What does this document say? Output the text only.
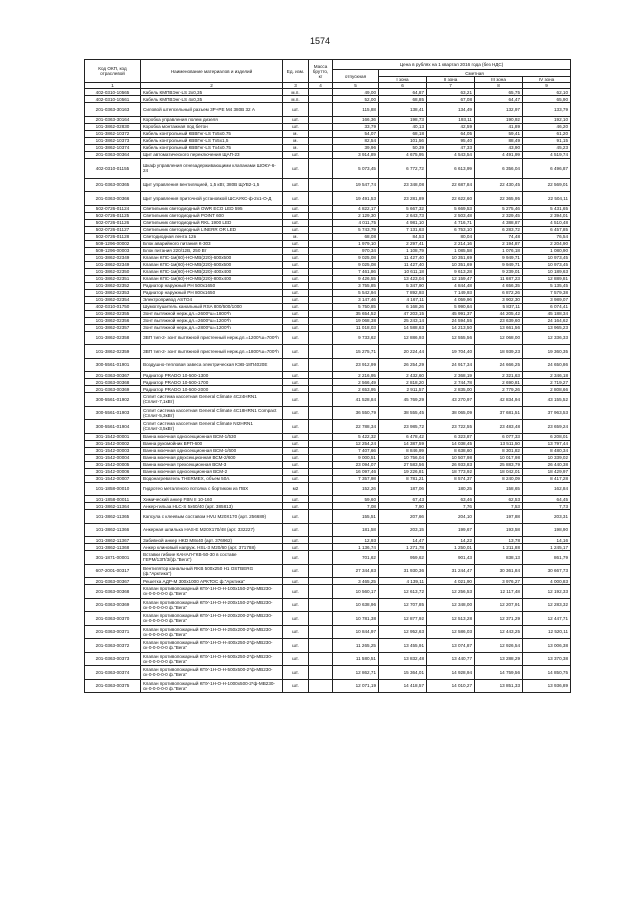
1574
Код ОКП, код отраслевой	Наименование материалов и изделий	Ед. изм.	Масса брутто, кг	Цена в рублях на 1 квартал 2016 года (без НДС)				
				отпускная	Сметная			
					I зона	II зона	III зона	IV зона
1	2	3	4	5	6	7	8	9
402-0310-10565	Кабель КМПВЭнг-LS 2х0,35	м.п.		49,00	64,87	63,21	65,75	62,10
402-0310-10561	Кабель КМПВЭнг-LS 4х0,35	м.п.		52,00	68,85	67,08	64,47	65,90
201-0363-30163	Силовой штепсельный разъем 3Р+РЕ М4 380В 32 А	шт.		115,88	138,41	134,49	132,97	133,79
201-0363-30164	Коробка управления полем дизеля	шт.		166,36	198,73	193,11	190,92	192,10
101-3862-02830	Коробка монтажная под бетон	шт.		33,79	40,13	42,59	41,89	46,20
101-3862-10372	Кабель контрольный КВВГнг-LS Тх5х0.75	м.		54,07	68,18	64,05	59,41	61,20
101-3862-10373	Кабель контрольный КВВГнг-LS Тх5х1,5	м.		82,54	101,56	95,40	88,49	91,15
101-3862-10374	Кабель контрольный КВВГнг-LS Тх4х0.75	м.		39,96	50,39	47,33	43,90	45,23
201-0363-00364	Щит автоматического переключения ЩАП-23	шт.		3 914,89	4 675,95	4 543,54	4 491,99	4 519,74
402-0310-01155	Шкаф управления огнезадерживающими клапанами ШОКУ-6-24	шт.		5 073,45	6 772,72	6 613,99	6 356,04	6 496,87
201-0363-00365	Щит управления вентиляцией, 1,5 кВт, 380В ЩУВ2-1,5	шт.		19 547,74	23 348,08	22 687,84	22 430,45	22 569,01
201-0363-00366	Щит управления приточной установкой ШСАУКС-ф-2х1-О-Д	шт.		19 491,53	23 281,89	22 622,60	22 365,95	22 504,11
502-0726-01124	Светильник светодиодный OWR ECO LED 595	шт.		4 822,17	5 667,32	5 669,53	5 275,46	5 431,65
502-0726-01125	Светильник светодиодный POINT 600	шт.		2 129,30	2 643,73	2 503,48	2 329,45	2 394,01
502-0726-01126	Светильник светодиодный RKL 1900 LED	шт.		4 011,75	4 981,10	4 716,71	4 388,87	4 510,48
502-0726-01127	Светильник светодиодный LINERR OR LED	шт.		5 743,79	7 131,63	6 753,10	6 283,72	6 457,85
502-0726-01128	Светодиодная лента 12в	м.		68,08	84,53	80,04	74,48	76,54
509-1296-00002	Блок аварийного питания К-303	шт.		1 979,10	2 297,41	2 214,16	2 194,87	2 204,90
509-1296-00003	Блок питания 220/12В, 250 Вт	шт.		970,34	1 108,79	1 085,58	1 076,18	1 080,90
101-3862-02349	Клапан КПС-1м(60)-НО-МВ(220)-600х500	шт.		9 025,08	11 427,40	10 351,69	9 949,71	10 973,45
101-3862-02349	Клапан КПС-1м(60)-НО-МВ(220)-600х500	шт.		9 025,08	11 427,40	10 351,69	9 949,71	10 973,45
101-3862-02350	Клапан КПС-1м(60)-НО-МВ(220)-400х400	шт.		7 461,86	10 611,18	9 613,28	9 239,01	10 189,63
101-3862-02351	Клапан КПС-1м(60)-НО-МВ(220)-800х400	шт.		9 426,55	13 423,04	12 159,47	11 687,23	12 889,81
101-3862-02352	Радиатор наружный РН 500х1650	шт.		3 755,85	5 347,90	4 844,48	4 656,35	5 135,45
101-3862-02353	Радиатор наружный РН 800х1650	шт.		5 542,94	7 892,93	7 149,93	6 872,26	7 579,38
101-3862-02354	Электропривод ASTO4	шт.		3 147,46	4 167,11	4 059,96	3 902,30	3 989,07
402-0310-01750	Шумоглушитель канальный RSA 800/500/1000	шт.		5 750,85	6 168,26	5 990,64	5 837,11	6 074,41
101-3862-02355	Зонт вытяжной нерж.дл.=2600*ш=1800*h	шт.		35 654,52	47 203,15	45 991,37	44 205,42	45 188,34
101-3862-02356	Зонт вытяжной нерж.дл.=2600*ш=1200*h	шт.		19 068,38	25 243,14	24 594,55	23 639,60	24 164,62
101-3862-02357	Зонт вытяжной нерж.дл.=2800*ш=1200*h	шт.		11 018,03	14 588,63	14 213,50	13 661,56	13 965,23
101-3862-02358	ЗВП тип-2- зонт вытяжной пристенный нерж.дл.=1200*ш=700*h	шт.		9 733,62	12 886,93	12 555,56	12 068,00	12 336,33
101-3862-02359	ЗВП тип-2- зонт вытяжной пристенный нерж.дл.=1800*ш=700*h	шт.		15 275,71	20 224,44	19 704,40	18 939,23	19 360,35
300-5561-01901	Воздушно-тепловая завеса электрическая КЭВ-18П4020Е	шт.		23 912,99	26 254,29	24 917,34	24 666,25	24 650,86
201-0363-00367	Радиатор PRADO 10-500-1300	шт.		2 216,95	2 432,60	2 368,19	2 321,63	2 346,18
201-0363-00368	Радиатор PRADO 10-500-1700	шт.		2 566,49	2 818,20	2 744,78	2 690,81	2 719,27
201-0363-00369	Радиатор PRADO 10-500-2000	шт.		2 653,95	2 911,57	2 835,00	2 779,26	2 808,66
300-5561-01902	Сплит система кассетная General Climate 4C24HRN1 (Сплит-7,1кВт)	шт.		41 528,84	45 769,29	43 270,97	42 834,94	43 155,52
300-5561-01903	Сплит система кассетная General Climate 4C18HRN1 Compact (Сплит-5,3кВт)	шт.		36 550,79	38 555,45	38 065,09	37 681,51	37 963,53
300-5561-01904	Сплит система кассетная General Climate NI2HRN1 (Сплит-3,5кВт)	шт.		22 788,34	23 985,72	23 722,55	23 483,48	23 659,24
301-1542-00001	Ванна моечная односекционная ВСМ-1/530	шт.		5 422,32	6 478,42	6 323,87	6 077,33	6 208,01
301-1542-00002	Ванна рукомойник ВРП-600	шт.		12 254,24	14 387,59	14 038,45	13 511,50	13 797,44
301-1542-00003	Ванна моечная односекционная ВСМ-1/600	шт.		7 407,66	8 846,99	8 638,60	8 301,82	8 480,34
301-1542-00004	Ванна моечная двухсекционная ВСМ-2/600	шт.		9 000,51	10 756,04	10 507,98	10 017,98	10 339,02
301-1542-00005	Ванна моечная трехсекционная ВСМ-3	шт.		23 094,07	27 583,56	26 933,83	25 883,79	26 440,38
301-1542-00006	Ванна моечная односекционная ВСМ-2	шт.		16 097,46	19 226,81	18 773,92	18 042,01	18 429,97
301-1542-00007	Водонагреватель THERMEX, объем 50л.	шт.		7 357,98	8 781,21	8 574,37	8 240,09	8 417,28
101-1858-00010	Гидротео металлного потолка с бортиком из ПВХ	м2		152,26	187,06	180,25	158,65	162,84
101-1858-00011	Химический анкер FBN II 10-160	шт.		59,60	67,43	63,46	62,53	64,45
101-3862-11364	Анкер-гильза HLC-S 5х60/40 (арт. 385813)	шт.		7,08	7,90	7,76	7,53	7,73
101-3862-11365	Капсула с клеевым составом HVU M20X170 (арт. 256689)	шт.		155,51	207,66	204,10	197,88	203,31
101-3862-11366	Анкерная шпилька HAS-E M20X170/48 (арт. 332227)	шт.		181,58	203,15	199,67	193,58	198,90
101-3862-11367	Забивной анкер HKD M8x40 (арт. 376962)	шт.		12,93	14,47	14,22	13,78	14,16
101-3862-11368	Анкер клиновый напруж. HSL-3 M20/60 (арт. 371788)	шт.		1 136,74	1 271,78	1 250,01	1 211,88	1 245,17
301-1871-00001	Вставки гибкие КАНАЛ-ГКВ-50-30 в составе ГЕРМ/1ЗП/3/(ф."Вега")	шт.		701,62	959,62	901,43	838,13	861,79
607-2001-00317	Вентилятор канальный RKB 500x250 H1 OSTBERG (ф."Арктика")	шт.		27 344,83	31 930,36	31 244,47	30 361,84	30 667,73
201-0363-00367	Решетка АДР-М 300х1000 АРКТОС ф."Арктика"	шт.		3 465,25	4 139,11	4 021,90	3 976,27	4 000,83
201-0363-00368	Клапан противопожарный КПУ-1Н-О-Н-100х150-2*ф-МВ230-ск-0-0-0-0-0 ф."Вега"	шт.		10 560,17	12 613,72	12 256,53	12 117,48	12 192,33
201-0363-00369	Клапан противопожарный КПУ-1Н-О-Н-200х150-2*ф-МВ230-ск-0-0-0-0-0 ф."Вега"	шт.		10 638,96	12 707,85	12 348,00	12 207,91	12 283,32
201-0363-00370	Клапан противопожарный КПУ-1Н-О-Н-200х200-2*ф-МВ230-ск-0-0-0-0-0 ф."Вега"	шт.		10 781,38	12 877,92	12 513,28	12 371,29	12 447,71
201-0363-00371	Клапан противопожарный КПУ-1Н-О-Н-250х200-2*ф-МВ230-ск-0-0-0-0-0 ф."Вега"	шт.		10 844,97	12 952,63	12 586,03	12 443,25	12 520,11
201-0363-00372	Клапан противопожарный КПУ-1Н-О-Н-400х250-2*ф-МВ230-ск-0-0-0-0-0 ф."Вега"	шт.		11 265,25	13 455,91	13 074,87	12 926,54	13 006,38
201-0363-00373	Клапан противопожарный КПУ-1Н-О-Н-500х250-2*ф-МВ230-ск-0-0-0-0-0 ф."Вега"	шт.		11 580,51	13 832,48	13 440,77	13 288,29	13 370,38
201-0363-00374	Клапан противопожарный КПУ-1Н-О-Н-500х500-2*ф-МВ230-ск-0-0-0-0-0 ф."Вега"	шт.		12 862,71	15 364,01	14 928,94	14 759,56	14 850,75
201-0363-00375	Клапан противопожарный КПУ-1Н-О-Н-1000х500-2*ф-МВ230-ск-0-0-0-0-0 ф."Вега"	шт.		12 071,19	14 418,57	14 010,27	13 851,33	13 936,89
